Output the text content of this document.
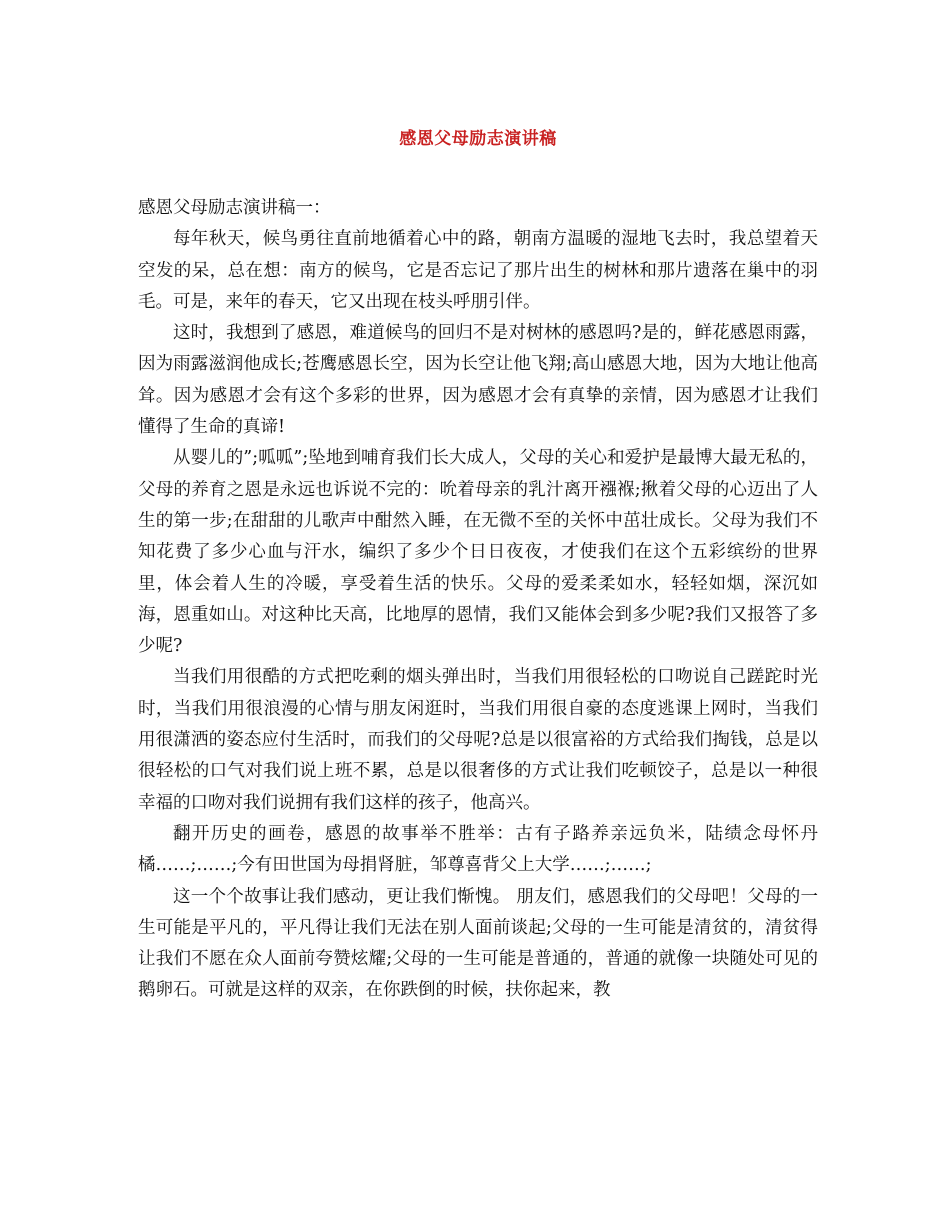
感恩父母励志演讲稿

感恩父母励志演讲稿一：

每年秋天，候鸟勇往直前地循着心中的路，朝南方温暖的湿地飞去时，我总望着天空发的呆，总在想：南方的候鸟，它是否忘记了那片出生的树林和那片遗落在巢中的羽毛。可是，来年的春天，它又出现在枝头呼朋引伴。

这时，我想到了感恩，难道候鸟的回归不是对树林的感恩吗?是的，鲜花感恩雨露，因为雨露滋润他成长;苍鹰感恩长空，因为长空让他飞翔;高山感恩大地，因为大地让他高耸。因为感恩才会有这个多彩的世界，因为感恩才会有真挚的亲情，因为感恩才让我们懂得了生命的真谛!

从婴儿的”;呱呱”;坠地到哺育我们长大成人，父母的关心和爱护是最博大最无私的，父母的养育之恩是永远也诉说不完的：吮着母亲的乳汁离开襁褓;揪着父母的心迈出了人生的第一步;在甜甜的儿歌声中酣然入睡，在无微不至的关怀中茁壮成长。父母为我们不知花费了多少心血与汗水，编织了多少个日日夜夜，才使我们在这个五彩缤纷的世界里，体会着人生的冷暖，享受着生活的快乐。父母的爱柔柔如水，轻轻如烟，深沉如海，恩重如山。对这种比天高，比地厚的恩情，我们又能体会到多少呢?我们又报答了多少呢?

当我们用很酷的方式把吃剩的烟头弹出时，当我们用很轻松的口吻说自己蹉跎时光时，当我们用很浪漫的心情与朋友闲逛时，当我们用很自豪的态度逃课上网时，当我们用很潇洒的姿态应付生活时，而我们的父母呢?总是以很富裕的方式给我们掏钱，总是以很轻松的口气对我们说上班不累，总是以很奢侈的方式让我们吃顿饺子，总是以一种很幸福的口吻对我们说拥有我们这样的孩子，他高兴。

翻开历史的画卷，感恩的故事举不胜举：古有子路养亲远负米，陆绩念母怀丹橘……;……;今有田世国为母捐肾脏，邹尊喜背父上大学……;……;

这一个个故事让我们感动，更让我们惭愧。 朋友们，感恩我们的父母吧！父母的一生可能是平凡的，平凡得让我们无法在别人面前谈起;父母的一生可能是清贫的，清贫得让我们不愿在众人面前夸赞炫耀;父母的一生可能是普通的，普通的就像一块随处可见的鹅卵石。可就是这样的双亲，在你跌倒的时候，扶你起来，教
